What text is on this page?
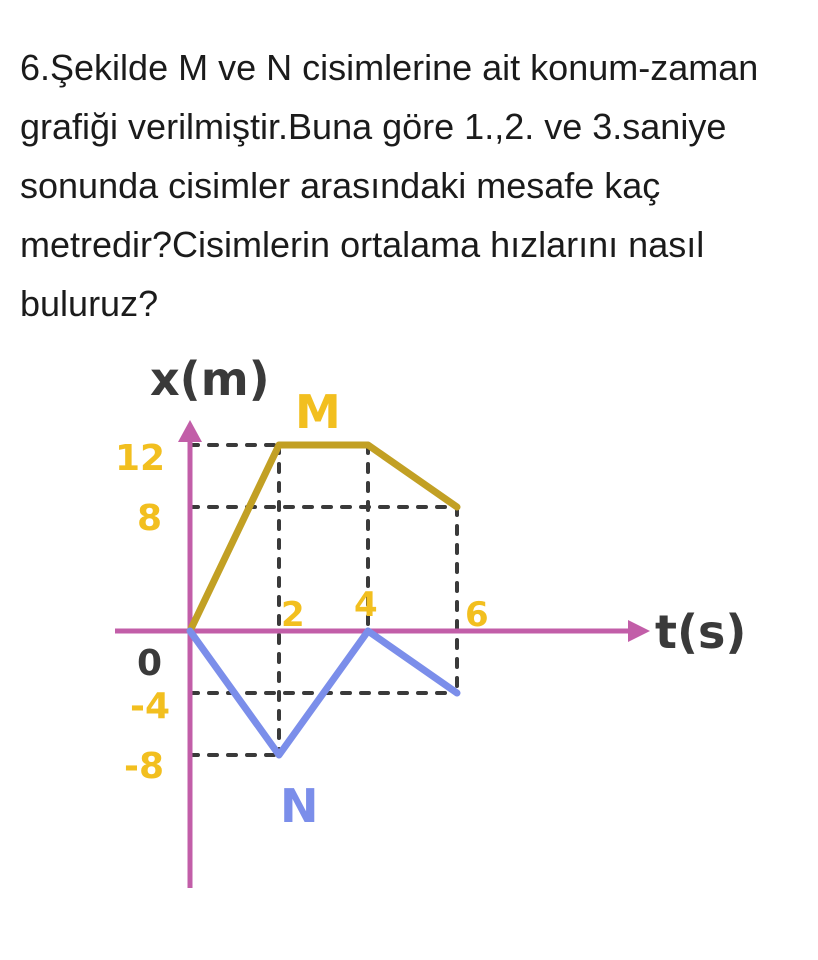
6.Şekilde M ve N cisimlerine ait konum-zaman grafiği verilmiştir.Buna göre 1.,2. ve 3.saniye sonunda cisimler arasındaki mesafe kaç metredir?Cisimlerin ortalama hızlarını nasıl buluruz?

M
N
2 4	6
12
8
0
-4
-8
x(m)
t(s)
